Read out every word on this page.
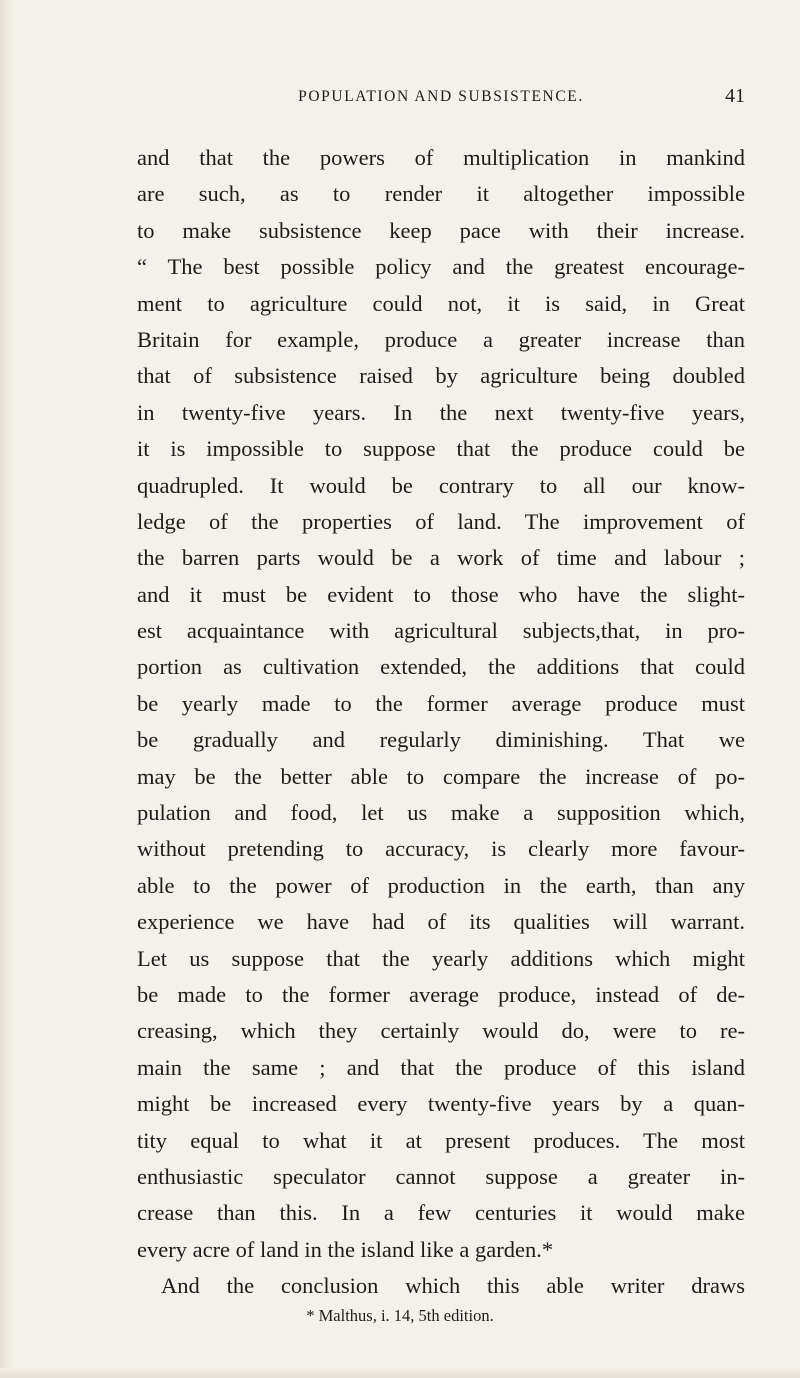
POPULATION AND SUBSISTENCE.	41
and that the powers of multiplication in mankind
are such, as to render it altogether impossible
to make subsistence keep pace with their increase.
“ The best possible policy and the greatest encourage-
ment to agriculture could not, it is said, in Great
Britain for example, produce a greater increase than
that of subsistence raised by agriculture being doubled
in twenty-five years. In the next twenty-five years,
it is impossible to suppose that the produce could be
quadrupled. It would be contrary to all our know-
ledge of the properties of land. The improvement of
the barren parts would be a work of time and labour ;
and it must be evident to those who have the slight-
est acquaintance with agricultural subjects,that, in pro-
portion as cultivation extended, the additions that could
be yearly made to the former average produce must
be gradually and regularly diminishing. That we
may be the better able to compare the increase of po-
pulation and food, let us make a supposition which,
without pretending to accuracy, is clearly more favour-
able to the power of production in the earth, than any
experience we have had of its qualities will warrant.
Let us suppose that the yearly additions which might
be made to the former average produce, instead of de-
creasing, which they certainly would do, were to re-
main the same ; and that the produce of this island
might be increased every twenty-five years by a quan-
tity equal to what it at present produces. The most
enthusiastic speculator cannot suppose a greater in-
crease than this. In a few centuries it would make
every acre of land in the island like a garden.*
And the conclusion which this able writer draws
* Malthus, i. 14, 5th edition.
